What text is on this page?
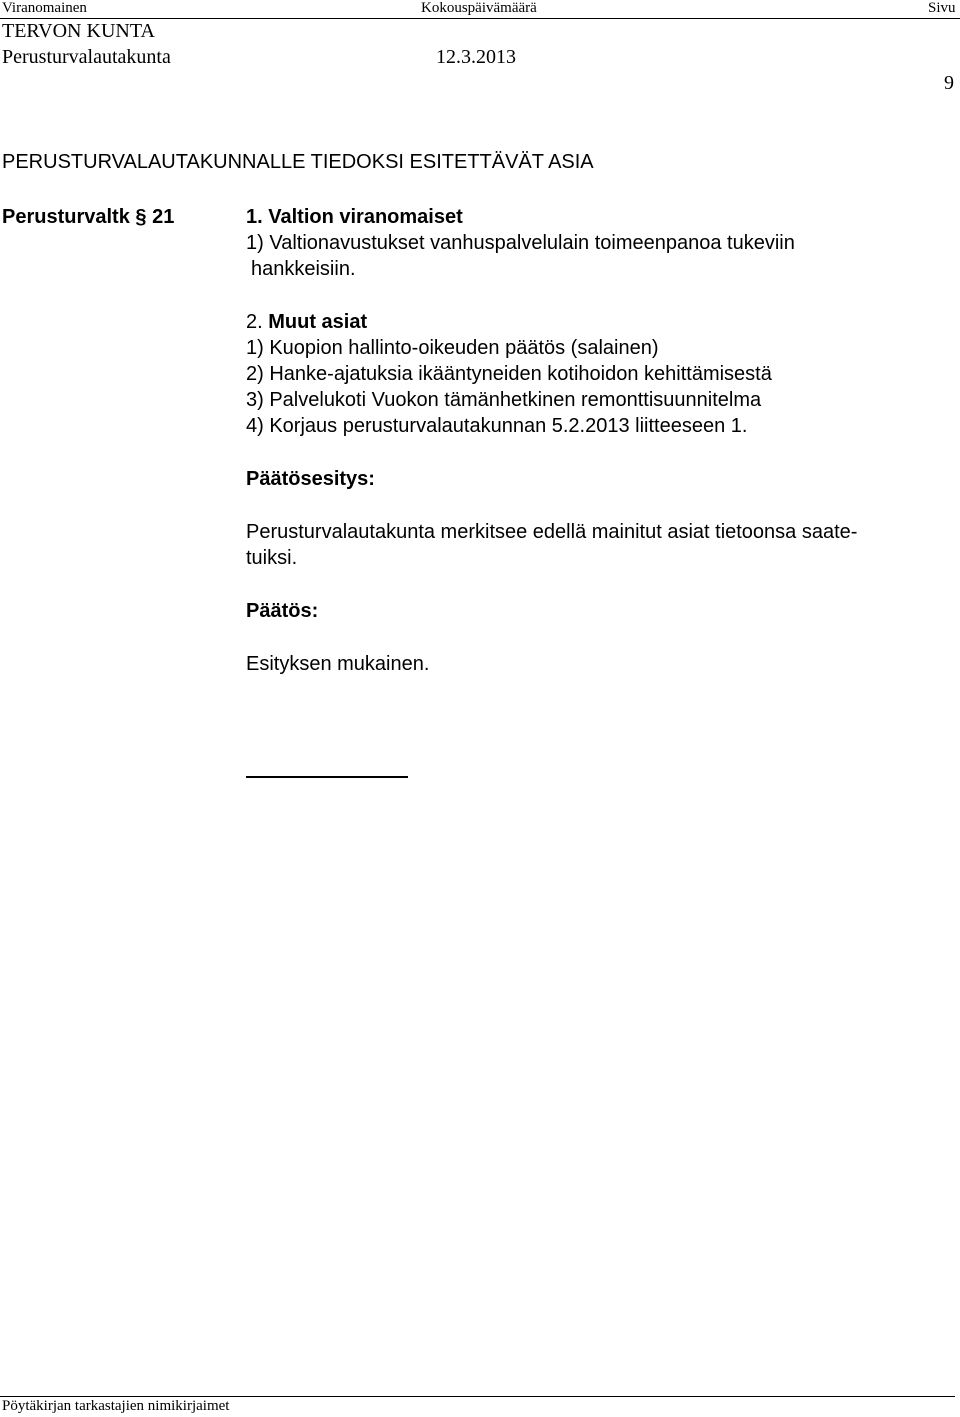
Viranomainen	Kokouspäivämäärä	Sivu
TERVON KUNTA
Perusturvalautakunta	12.3.2013
9
PERUSTURVALAUTAKUNNALLE TIEDOKSI ESITETTÄVÄT ASIA
Perusturvaltk § 21	1. Valtion viranomaiset
1) Valtionavustukset vanhuspalvelulain toimeenpanoa tukeviin
hankkeisiin.
2. Muut asiat
1) Kuopion hallinto-oikeuden päätös (salainen)
2) Hanke-ajatuksia ikääntyneiden kotihoidon kehittämisestä
3) Palvelukoti Vuokon tämänhetkinen remonttisuunnitelma
4) Korjaus perusturvalautakunnan 5.2.2013 liitteeseen 1.
Päätösesitys:
Perusturvalautakunta merkitsee edellä mainitut asiat tietoonsa saate-
tuiksi.
Päätös:
Esityksen mukainen.
Pöytäkirjan tarkastajien nimikirjaimet
